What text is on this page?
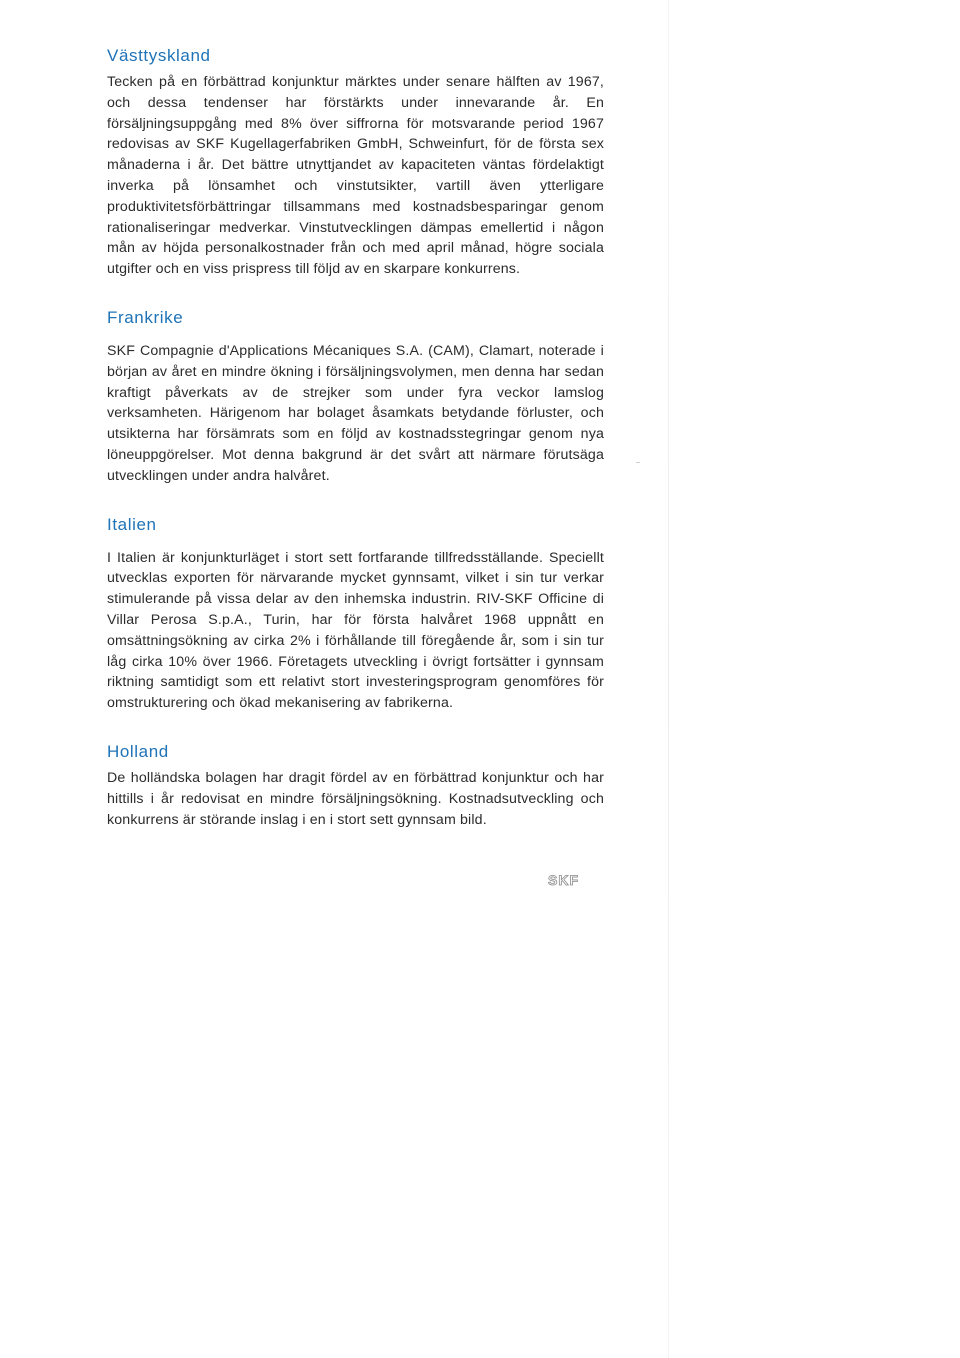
Västtyskland

Tecken på en förbättrad konjunktur märktes under senare hälften av 1967, och dessa tendenser har förstärkts under innevarande år. En försäljningsuppgång med 8% över siffrorna för motsvarande period 1967 redovisas av SKF Kugellagerfabriken GmbH, Schweinfurt, för de första sex månaderna i år. Det bättre utnyttjandet av kapaciteten väntas fördelaktigt inverka på lönsamhet och vinstutsikter, vartill även ytterligare produktivitetsförbättringar tillsammans med kostnadsbesparingar genom rationaliseringar medverkar. Vinstutvecklingen dämpas emellertid i någon mån av höjda personalkostnader från och med april månad, högre sociala utgifter och en viss prispress till följd av en skarpare konkurrens.

Frankrike

SKF Compagnie d'Applications Mécaniques S.A. (CAM), Clamart, noterade i början av året en mindre ökning i försäljningsvolymen, men denna har sedan kraftigt påverkats av de strejker som under fyra veckor lamslog verksamheten. Härigenom har bolaget åsamkats betydande förluster, och utsikterna har försämrats som en följd av kostnadsstegringar genom nya löneuppgörelser. Mot denna bakgrund är det svårt att närmare förutsäga utvecklingen under andra halvåret.

Italien

I Italien är konjunkturläget i stort sett fortfarande tillfredsställande. Speciellt utvecklas exporten för närvarande mycket gynnsamt, vilket i sin tur verkar stimulerande på vissa delar av den inhemska industrin. RIV-SKF Officine di Villar Perosa S.p.A., Turin, har för första halvåret 1968 uppnått en omsättningsökning av cirka 2% i förhållande till föregående år, som i sin tur låg cirka 10% över 1966. Företagets utveckling i övrigt fortsätter i gynnsam riktning samtidigt som ett relativt stort investeringsprogram genomföres för omstrukturering och ökad mekanisering av fabrikerna.

Holland

De holländska bolagen har dragit fördel av en förbättrad konjunktur och har hittills i år redovisat en mindre försäljningsökning. Kostnadsutveckling och konkurrens är störande inslag i en i stort sett gynnsam bild.

SKF
